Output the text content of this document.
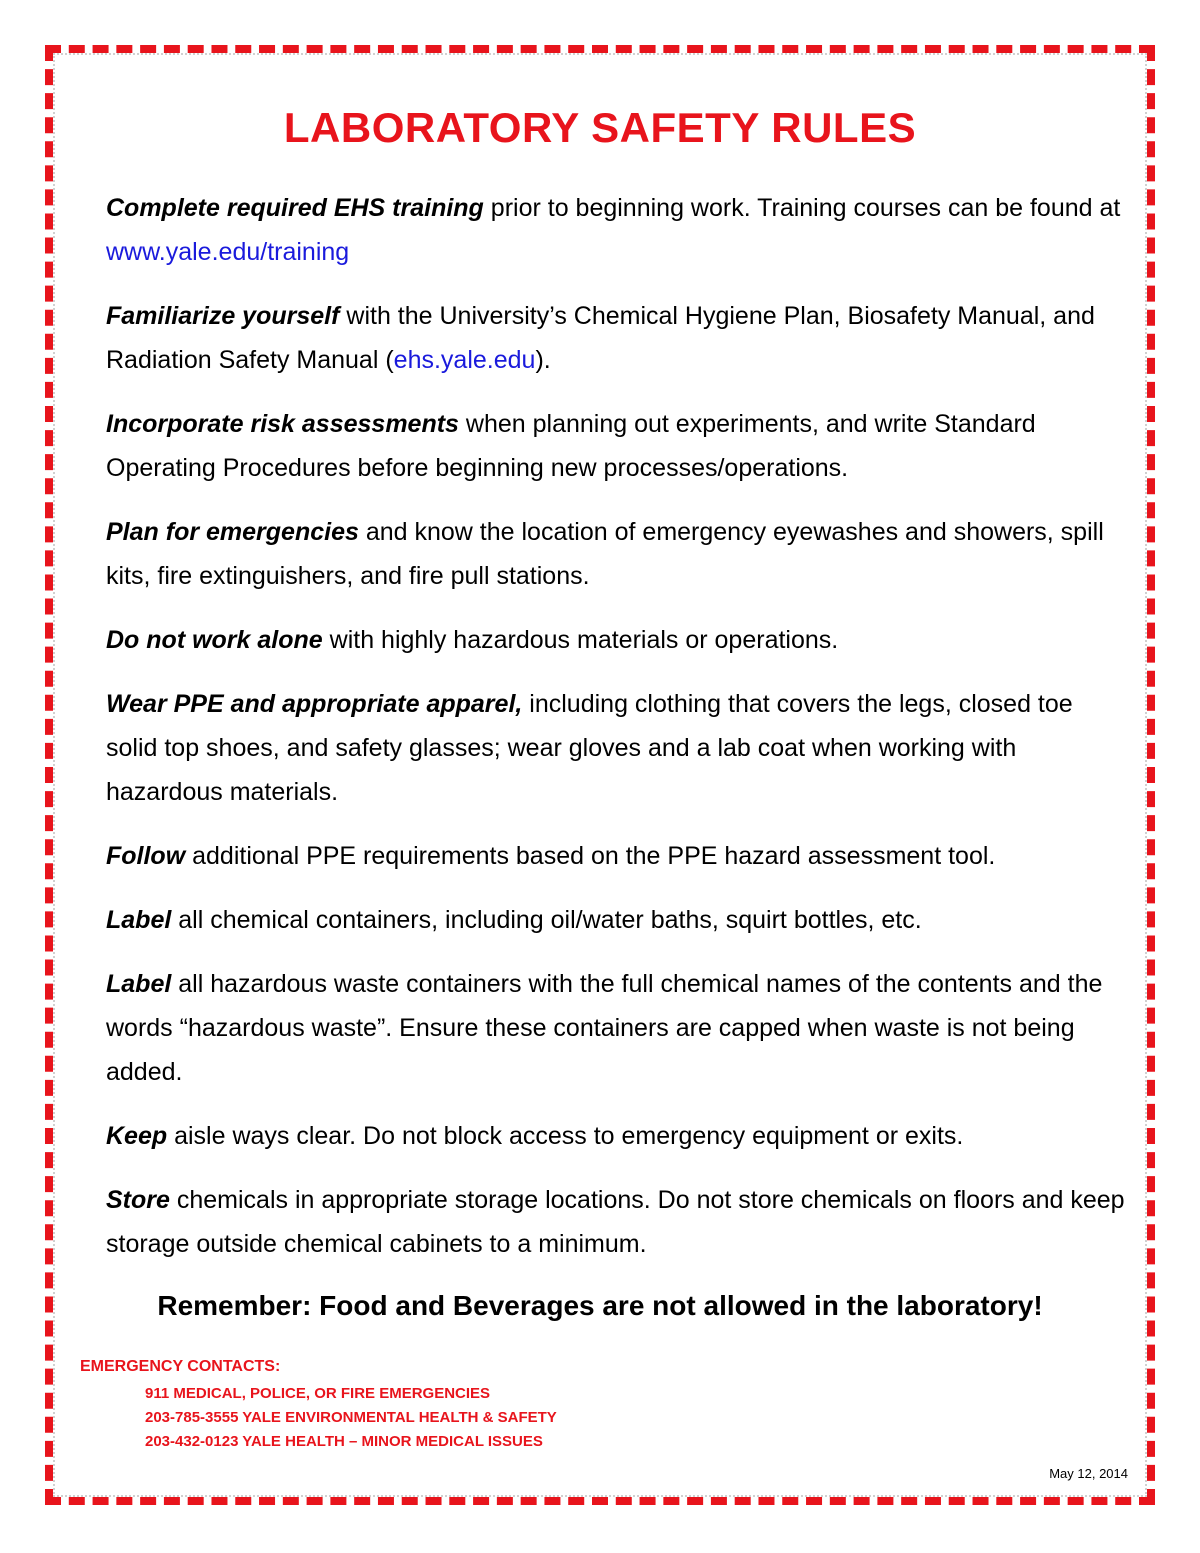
LABORATORY SAFETY RULES

Complete required EHS training prior to beginning work. Training courses can be found at www.yale.edu/training

Familiarize yourself with the University’s Chemical Hygiene Plan, Biosafety Manual, and Radiation Safety Manual (ehs.yale.edu).

Incorporate risk assessments when planning out experiments, and write Standard Operating Procedures before beginning new processes/operations.

Plan for emergencies and know the location of emergency eyewashes and showers, spill kits, fire extinguishers, and fire pull stations.

Do not work alone with highly hazardous materials or operations.

Wear PPE and appropriate apparel, including clothing that covers the legs, closed toe solid top shoes, and safety glasses; wear gloves and a lab coat when working with hazardous materials.

Follow additional PPE requirements based on the PPE hazard assessment tool.

Label all chemical containers, including oil/water baths, squirt bottles, etc.

Label all hazardous waste containers with the full chemical names of the contents and the words “hazardous waste”. Ensure these containers are capped when waste is not being added.

Keep aisle ways clear. Do not block access to emergency equipment or exits.

Store chemicals in appropriate storage locations. Do not store chemicals on floors and keep storage outside chemical cabinets to a minimum.

Remember: Food and Beverages are not allowed in the laboratory!
EMERGENCY CONTACTS:
911 MEDICAL, POLICE, OR FIRE EMERGENCIES
203-785-3555 YALE ENVIRONMENTAL HEALTH & SAFETY
203-432-0123 YALE HEALTH – MINOR MEDICAL ISSUES
May 12, 2014
